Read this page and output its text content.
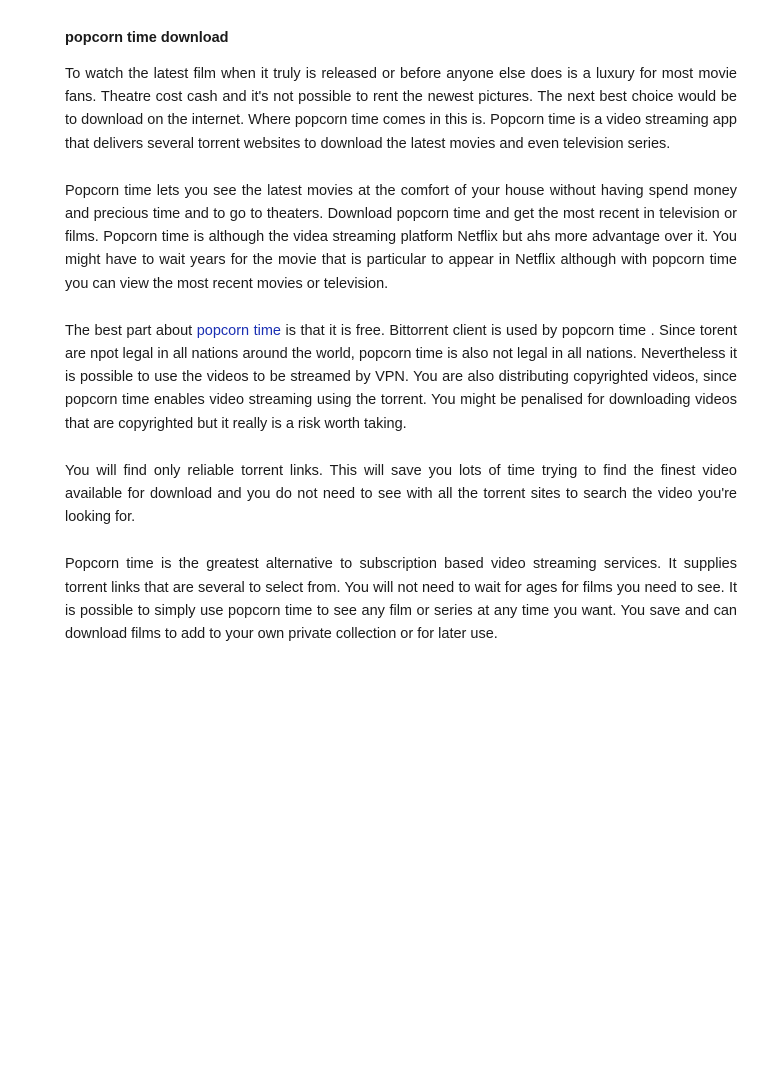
popcorn time download

To watch the latest film when it truly is released or before anyone else does is a luxury for most movie fans. Theatre cost cash and it's not possible to rent the newest pictures. The next best choice would be to download on the internet. Where popcorn time comes in this is. Popcorn time is a video streaming app that delivers several torrent websites to download the latest movies and even television series.

Popcorn time lets you see the latest movies at the comfort of your house without having spend money and precious time and to go to theaters. Download popcorn time and get the most recent in television or films. Popcorn time is although the videa streaming platform Netflix but ahs more advantage over it. You might have to wait years for the movie that is particular to appear in Netflix although with popcorn time you can view the most recent movies or television.

The best part about popcorn time is that it is free. Bittorrent client is used by popcorn time . Since torent are npot legal in all nations around the world, popcorn time is also not legal in all nations. Nevertheless it is possible to use the videos to be streamed by VPN. You are also distributing copyrighted videos, since popcorn time enables video streaming using the torrent. You might be penalised for downloading videos that are copyrighted but it really is a risk worth taking.

You will find only reliable torrent links. This will save you lots of time trying to find the finest video available for download and you do not need to see with all the torrent sites to search the video you're looking for.

Popcorn time is the greatest alternative to subscription based video streaming services. It supplies torrent links that are several to select from. You will not need to wait for ages for films you need to see. It is possible to simply use popcorn time to see any film or series at any time you want. You save and can download films to add to your own private collection or for later use.
